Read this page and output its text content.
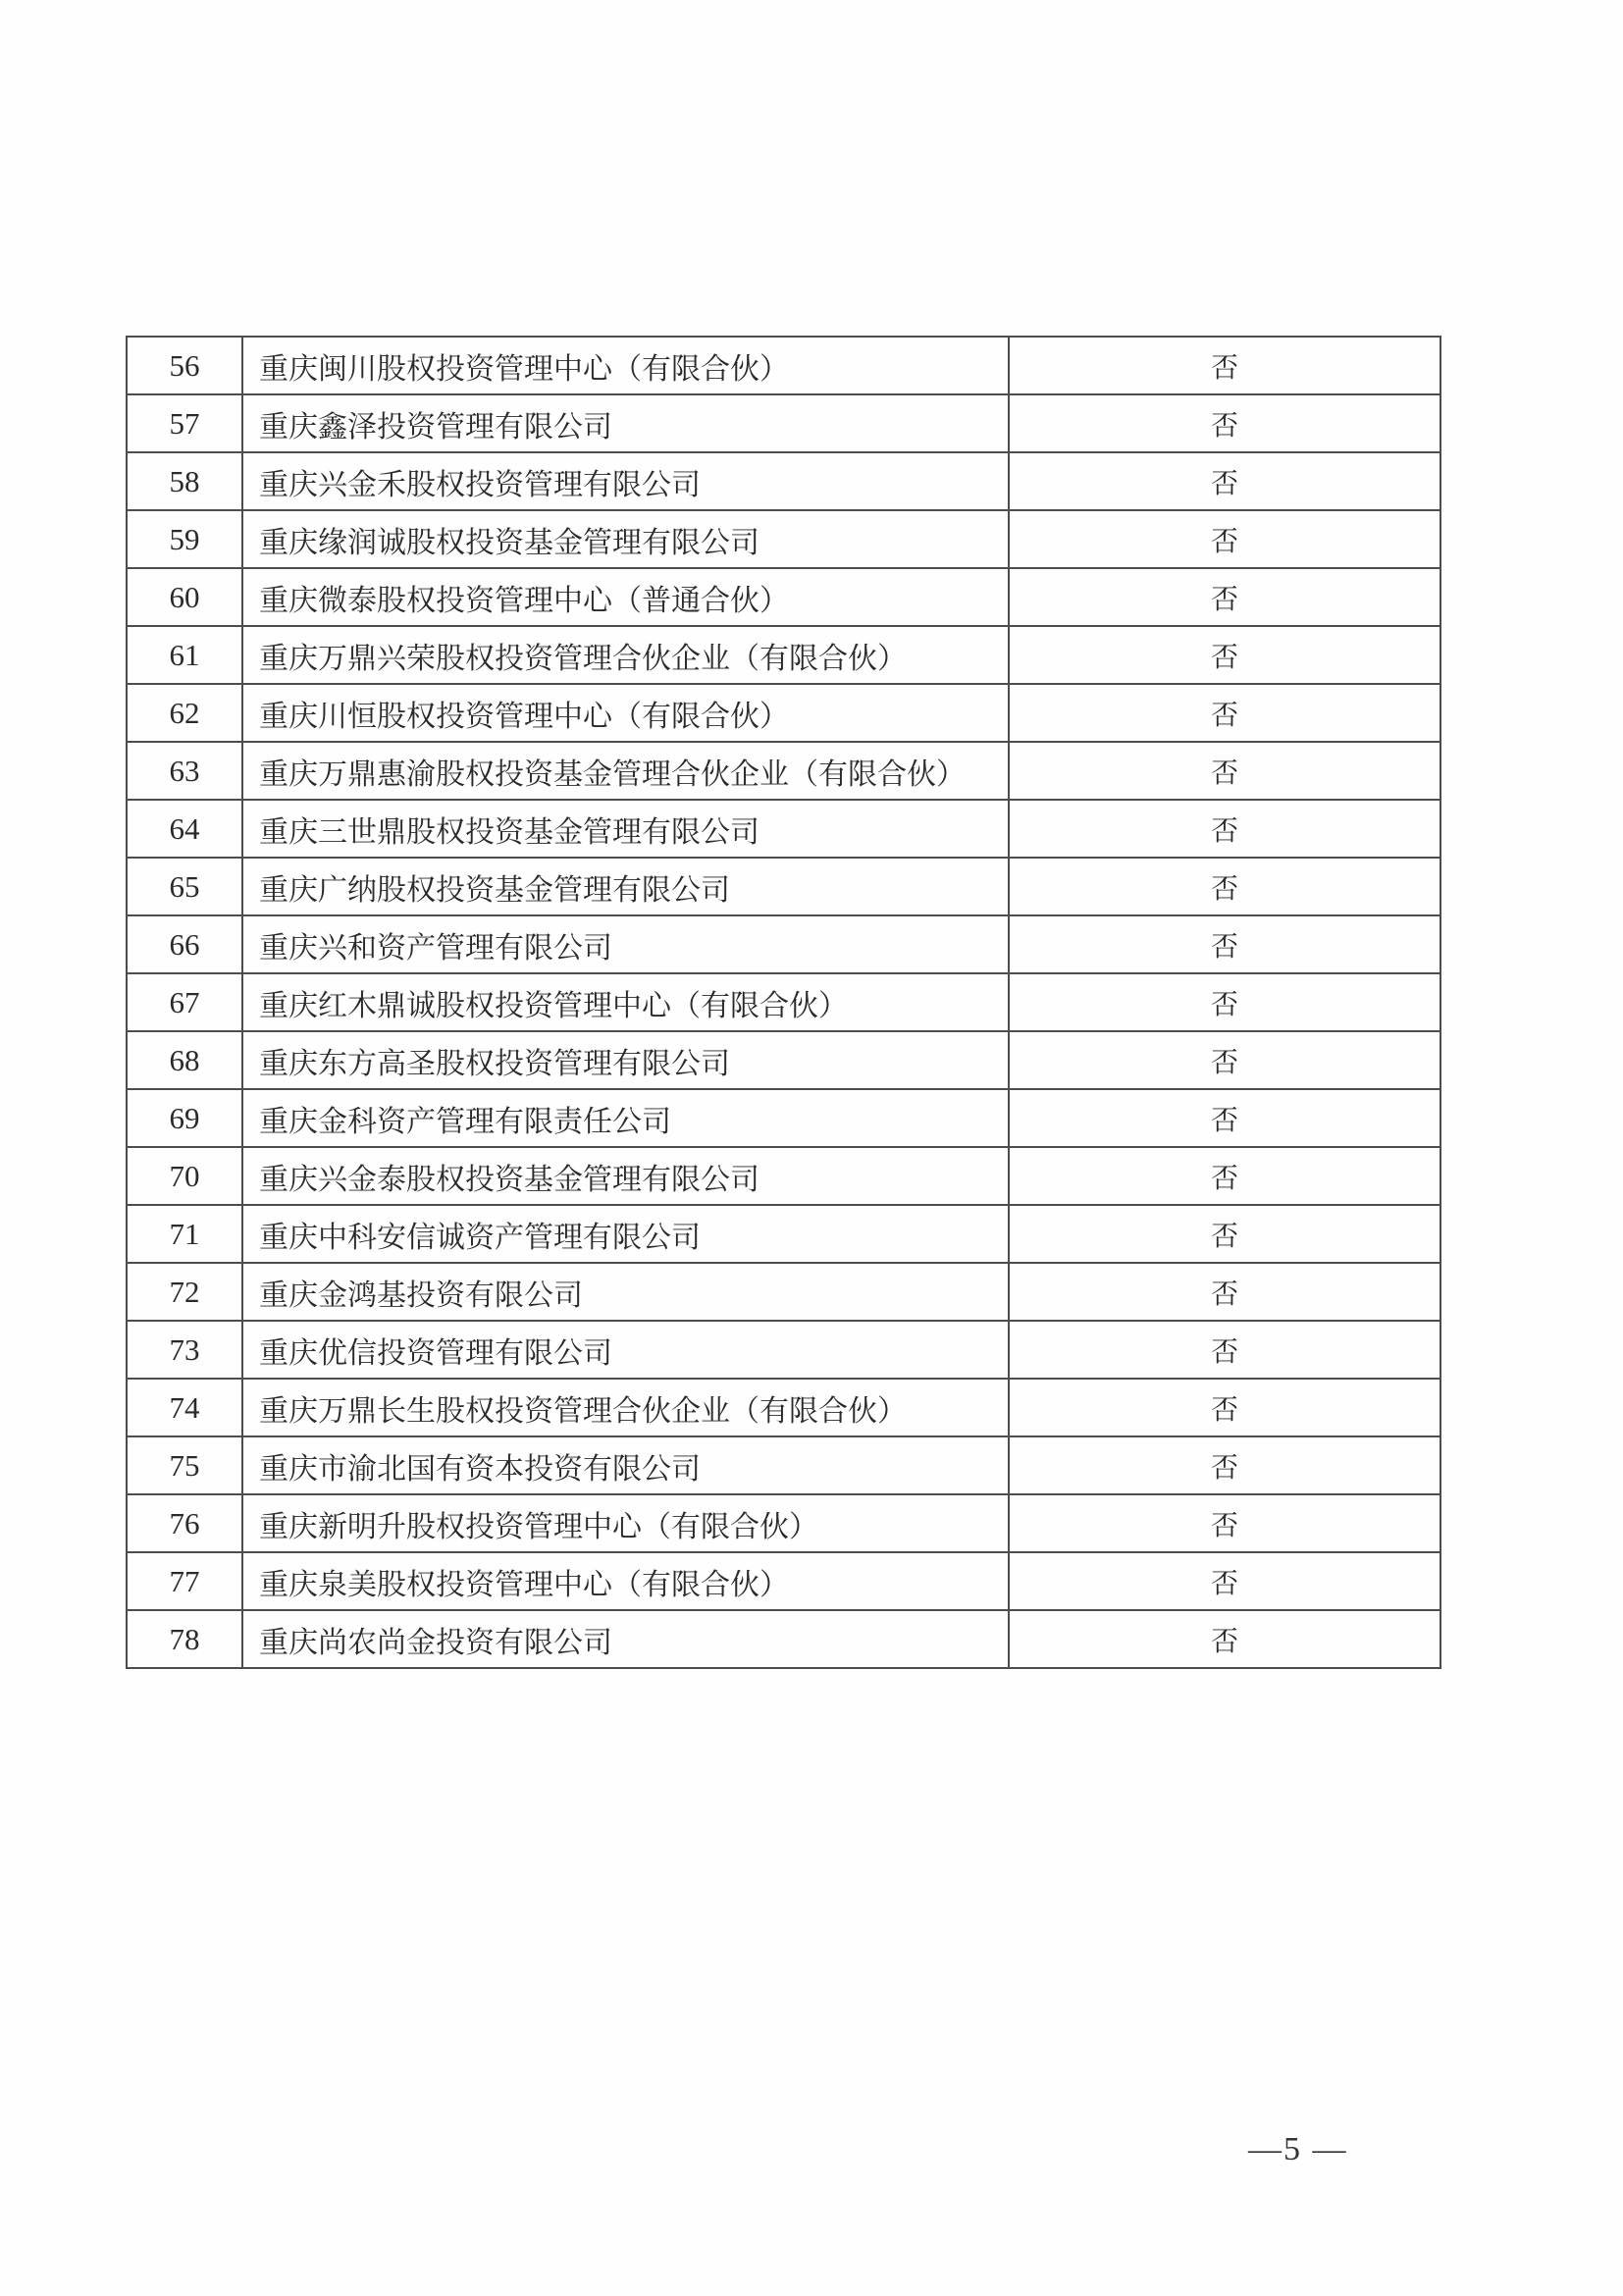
56	重庆闽川股权投资管理中心（有限合伙）	否
57	重庆鑫泽投资管理有限公司	否
58	重庆兴金禾股权投资管理有限公司	否
59	重庆缘润诚股权投资基金管理有限公司	否
60	重庆微泰股权投资管理中心（普通合伙）	否
61	重庆万鼎兴荣股权投资管理合伙企业（有限合伙）	否
62	重庆川恒股权投资管理中心（有限合伙）	否
63	重庆万鼎惠渝股权投资基金管理合伙企业（有限合伙）	否
64	重庆三世鼎股权投资基金管理有限公司	否
65	重庆广纳股权投资基金管理有限公司	否
66	重庆兴和资产管理有限公司	否
67	重庆红木鼎诚股权投资管理中心（有限合伙）	否
68	重庆东方高圣股权投资管理有限公司	否
69	重庆金科资产管理有限责任公司	否
70	重庆兴金泰股权投资基金管理有限公司	否
71	重庆中科安信诚资产管理有限公司	否
72	重庆金鸿基投资有限公司	否
73	重庆优信投资管理有限公司	否
74	重庆万鼎长生股权投资管理合伙企业（有限合伙）	否
75	重庆市渝北国有资本投资有限公司	否
76	重庆新明升股权投资管理中心（有限合伙）	否
77	重庆泉美股权投资管理中心（有限合伙）	否
78	重庆尚农尚金投资有限公司	否
—5 —
